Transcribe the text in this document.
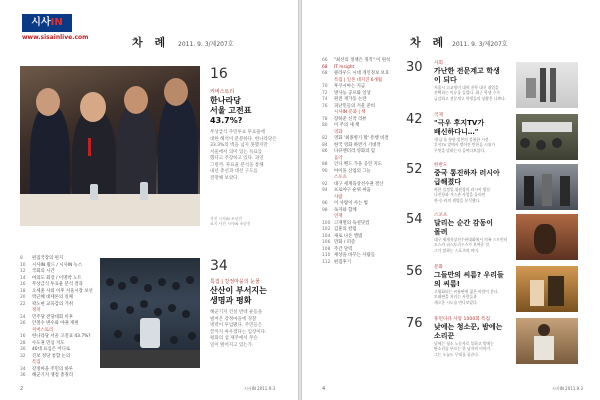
시사IN
www.sisainlive.com	차 례 2011. 9. 3/제207호
16
커버스토리
한나라당
서울 고전표
43.7%?
무상급식 주민투표 투표율에
대한 해석이 분분하다. 한나라당은
33.3%의 벽을 넘지 못했지만
서울에서 의미 있는 득표를
했다고 주장하고 있다. 과연
그럴까. 투표율 분석을 통해
내년 총선과 대선 구도를
전망해 보았다.
사진 시사IN 조남진
표지 사진 시사IN 조남진
8	편집국장의 편지
10	시사IN 월드 / 시사IN 뉴스
12	국회의 시간
14	여의도 회장 / 이명박 노트
16	무상급식 투표율 분석 결과
18	오세훈 사퇴 이후 서울시장 보선
20	박근혜 대세론의 실체
22	곽노현 교육감의 거취
정치
24	민주당 전당대회 이후
26	안철수 변수와 야권 재편
커버스토리
16	한나라당 서울 고전표 43.7%?
28	수도권 민심 지도
30	40대 표심은 어디로
32	진보 정당 통합 논의
특집
34	강정마을 주민의 하루
36	해군기지 쟁점 총정리
34
특집 | 강정마을의 눈물
산산이 부서지는
생명과 평화
해군기지 건설 반대 운동을
벌여온 강정마을에 경찰
병력이 투입됐다. 주민들은
끝까지 싸우겠다는 입장이다.
평화의 섬 제주에서 무슨
일이 벌어지고 있는가.
2	시사IN 2011.9.3
차 례 2011. 9. 3/제207호
66	"최선의 정책은 정직" 이 원칙
68	IT Insight
68	클라우드 시대 개인정보 보호
특집 | 일본 대지진 6개월
70	후쿠시마는 지금
72	방사능 공포와 일상
74	원전 재가동 논란
76	피난민들의 겨울 준비
시사IN 문화 | 책
78	장하준 신작 리뷰
80	이 주의 새 책
영화
82	영화 '최종병기 활' 흥행 비결
84	한국 영화 하반기 기대작
86	다큐멘터리 영화의 힘
음악
88	인디 밴드 가을 공연 지도
90	아이돌 산업의 그늘
스포츠
92	대구 세계육상선수권 결산
94	프로야구 순위 싸움
사람
96	이 사람이 사는 법
98	독자와 함께
연재
100 고재열의 독설닷컴
102 김훈의 칼럼
104 새로 나온 앨범
106 만화 / 퍼즐
108 주간 달력
110 세상을 바꾸는 사람들
112 편집후기
4	시사IN 2011.9.3
30 사회
가난한 전문계고 학생
이 되다
서울시 고교생이 대학 진학 대신 취업을
선택하는 이유를 들었다. 최근 학생 수가
급감하고 전문계고 학생들의 상황은 나쁘다.
42 국제
"극우 후지TV가
배신하다니…"
'한류'를 향한 일본의 불편한 시선.
후지TV 앞에서 벌어진 반한류 시위가
무엇을 말하는지 들여다보았다.
52 한반도
중국 통진하자 러시아
급해졌다
북한 김정일 위원장의 러시아 방문.
나진항과 가스관 사업을 둘러싼
북·중·러의 셈법을 분석했다.
54 스포츠
달리는 순간 감동이
몰려
대구 세계육상선수권대회에서 의족 스프린터
오스카 피스토리우스가 보여준 것.
그가 말하는 스포츠의 의미.
56 문화
그들만의 씨름? 우리들
의 씨름!
고령화되는 씨름판에 젊은 바람이 분다.
모래판을 지키는 사람들과
새로운 시도를 만나보았다.
76 휴먼다큐 사랑 1000회 특집
낮에는 청소꾼, 밤에는
소리꾼
낮에는 청소 노동자로 일하고 밤에는
판소리를 부르는 한 남자의 이야기.
그는 오늘도 무대를 꿈꾼다.
